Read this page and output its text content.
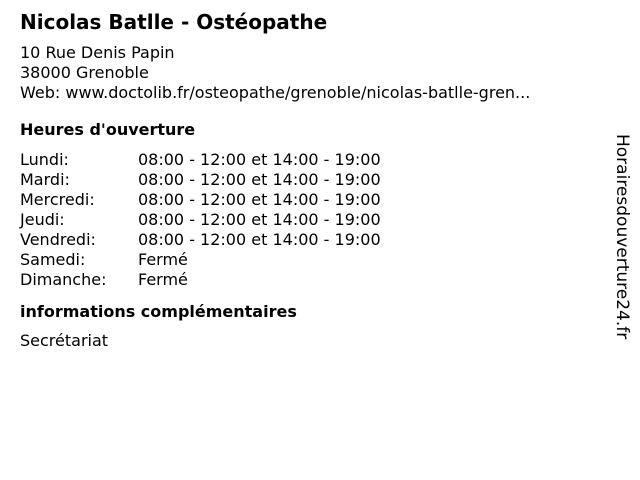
Nicolas Batlle - Ostéopathe
10 Rue Denis Papin
38000 Grenoble
Web: www.doctolib.fr/osteopathe/grenoble/nicolas-batlle-gren...
Heures d'ouverture
Lundi:	08:00 - 12:00 et 14:00 - 19:00
Mardi:	08:00 - 12:00 et 14:00 - 19:00
Mercredi:	08:00 - 12:00 et 14:00 - 19:00
Jeudi:	08:00 - 12:00 et 14:00 - 19:00
Vendredi:	08:00 - 12:00 et 14:00 - 19:00
Samedi:	Fermé
Dimanche:	Fermé
informations complémentaires
Secrétariat
Horairesdouverture24.fr
